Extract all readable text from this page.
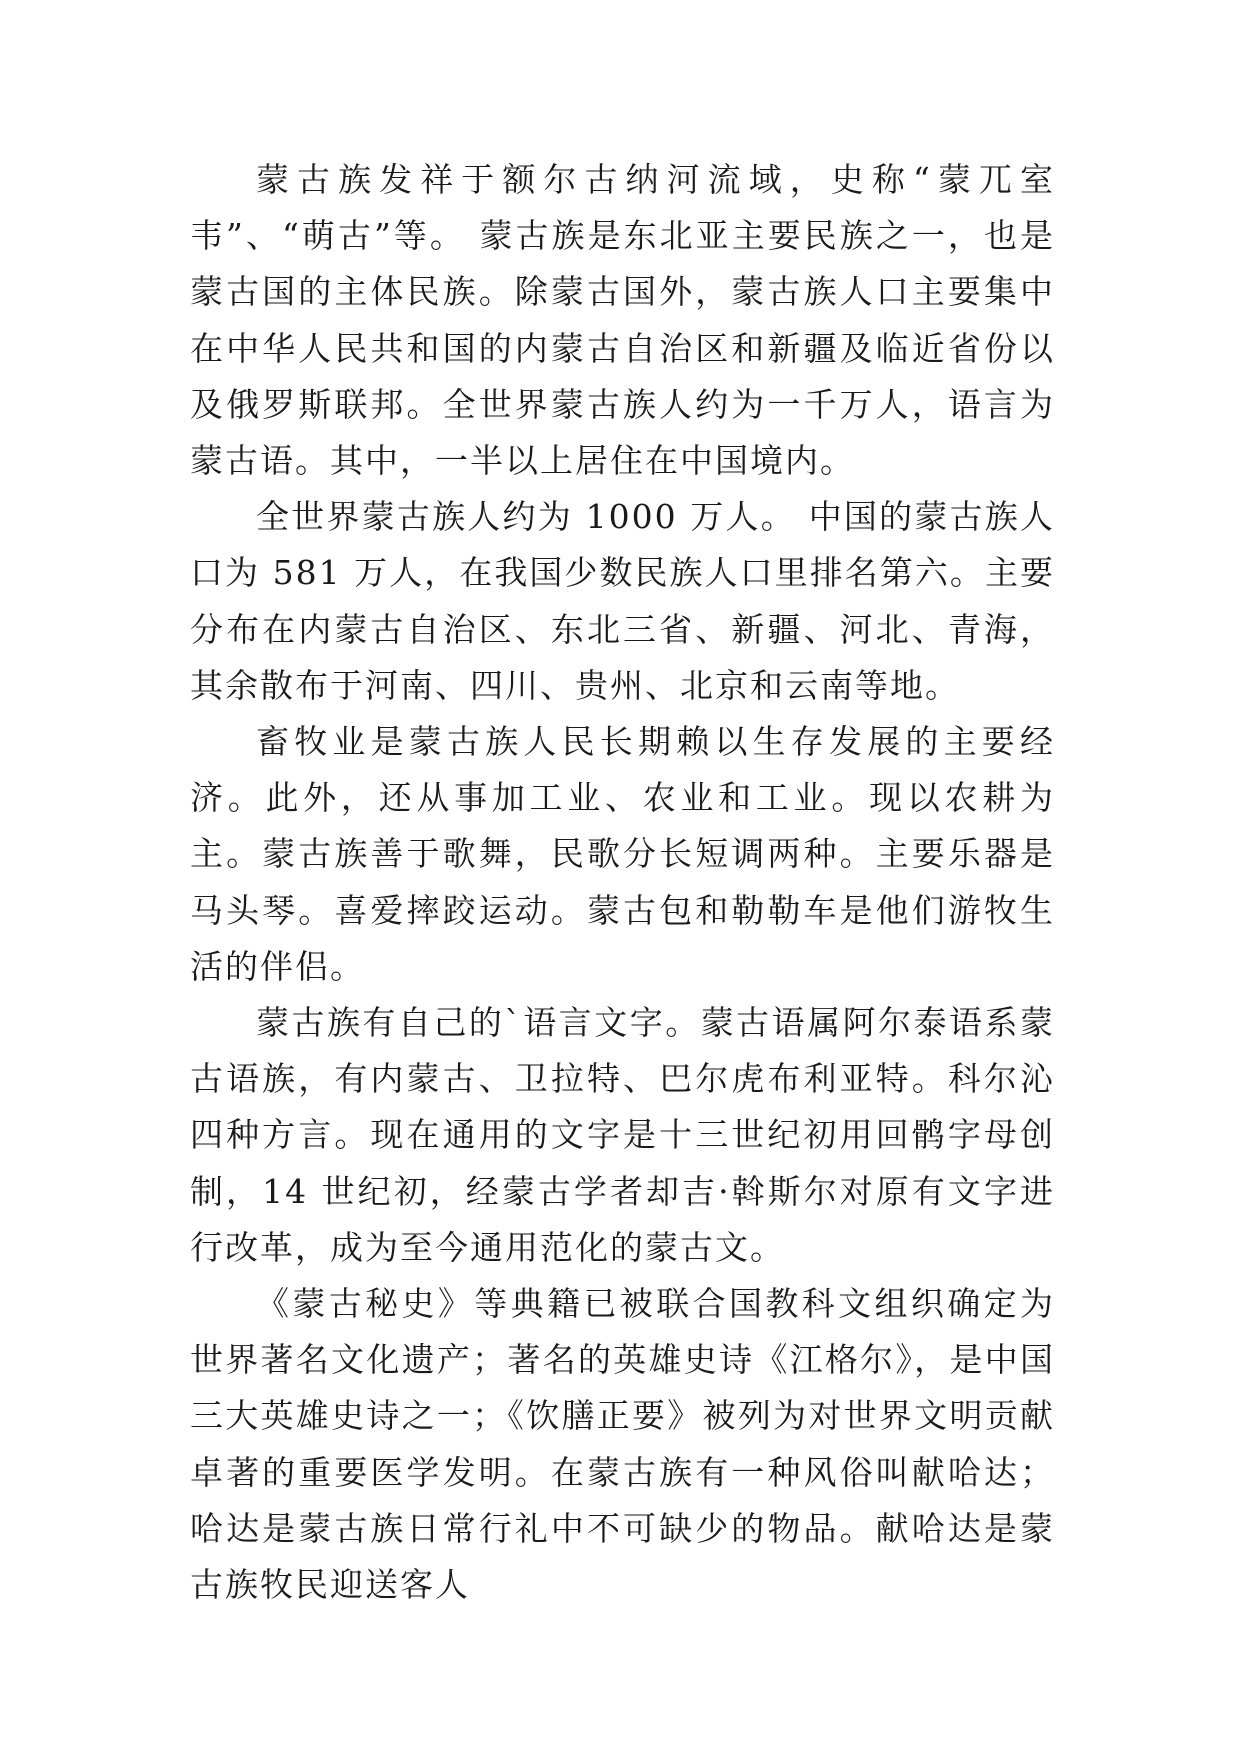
蒙古族发祥于额尔古纳河流域，史称“蒙兀室韦”、“萌古”等。 蒙古族是东北亚主要民族之一，也是蒙古国的主体民族。除蒙古国外，蒙古族人口主要集中在中华人民共和国的内蒙古自治区和新疆及临近省份以及俄罗斯联邦。全世界蒙古族人约为一千万人，语言为蒙古语。其中，一半以上居住在中国境内。

全世界蒙古族人约为 1000 万人。 中国的蒙古族人口为 581 万人，在我国少数民族人口里排名第六。主要分布在内蒙古自治区、东北三省、新疆、河北、青海，其余散布于河南、四川、贵州、北京和云南等地。

畜牧业是蒙古族人民长期赖以生存发展的主要经济。此外，还从事加工业、农业和工业。现以农耕为主。蒙古族善于歌舞，民歌分长短调两种。主要乐器是马头琴。喜爱摔跤运动。蒙古包和勒勒车是他们游牧生活的伴侣。

蒙古族有自己的`语言文字。蒙古语属阿尔泰语系蒙古语族，有内蒙古、卫拉特、巴尔虎布利亚特。科尔沁四种方言。现在通用的文字是十三世纪初用回鹘字母创制，14 世纪初，经蒙古学者却吉·斡斯尔对原有文字进行改革，成为至今通用范化的蒙古文。

《蒙古秘史》等典籍已被联合国教科文组织确定为世界著名文化遗产；著名的英雄史诗《江格尔》，是中国三大英雄史诗之一；《饮膳正要》被列为对世界文明贡献卓著的重要医学发明。在蒙古族有一种风俗叫献哈达；哈达是蒙古族日常行礼中不可缺少的物品。献哈达是蒙古族牧民迎送客人
